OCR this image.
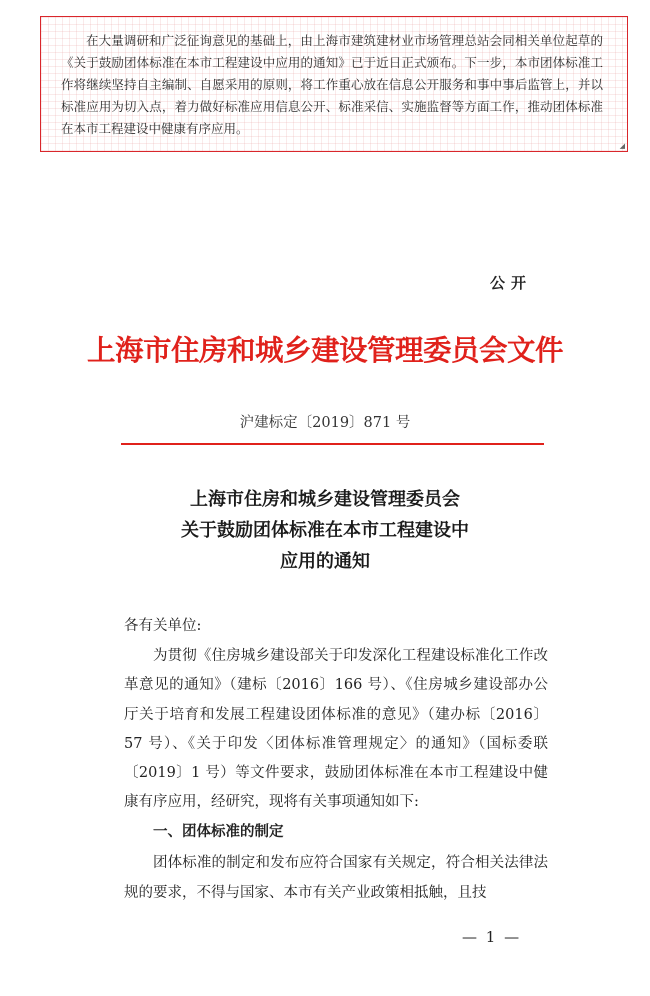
在大量调研和广泛征询意见的基础上，由上海市建筑建材业市场管理总站会同相关单位起草的《关于鼓励团体标准在本市工程建设中应用的通知》已于近日正式颁布。下一步，本市团体标准工作将继续坚持自主编制、自愿采用的原则，将工作重心放在信息公开服务和事中事后监管上，并以标准应用为切入点，着力做好标准应用信息公开、标准采信、实施监督等方面工作，推动团体标准在本市工程建设中健康有序应用。

◢
公开
上海市住房和城乡建设管理委员会文件
沪建标定〔2019〕871 号
上海市住房和城乡建设管理委员会
关于鼓励团体标准在本市工程建设中
应用的通知

各有关单位:

为贯彻《住房城乡建设部关于印发深化工程建设标准化工作改革意见的通知》（建标〔2016〕166 号）、《住房城乡建设部办公厅关于培育和发展工程建设团体标准的意见》（建办标〔2016〕57 号）、《关于印发〈团体标准管理规定〉的通知》（国标委联〔2019〕1 号）等文件要求，鼓励团体标准在本市工程建设中健康有序应用，经研究，现将有关事项通知如下:

一、团体标准的制定

团体标准的制定和发布应符合国家有关规定，符合相关法律法规的要求，不得与国家、本市有关产业政策相抵触，且技

— 1 —
